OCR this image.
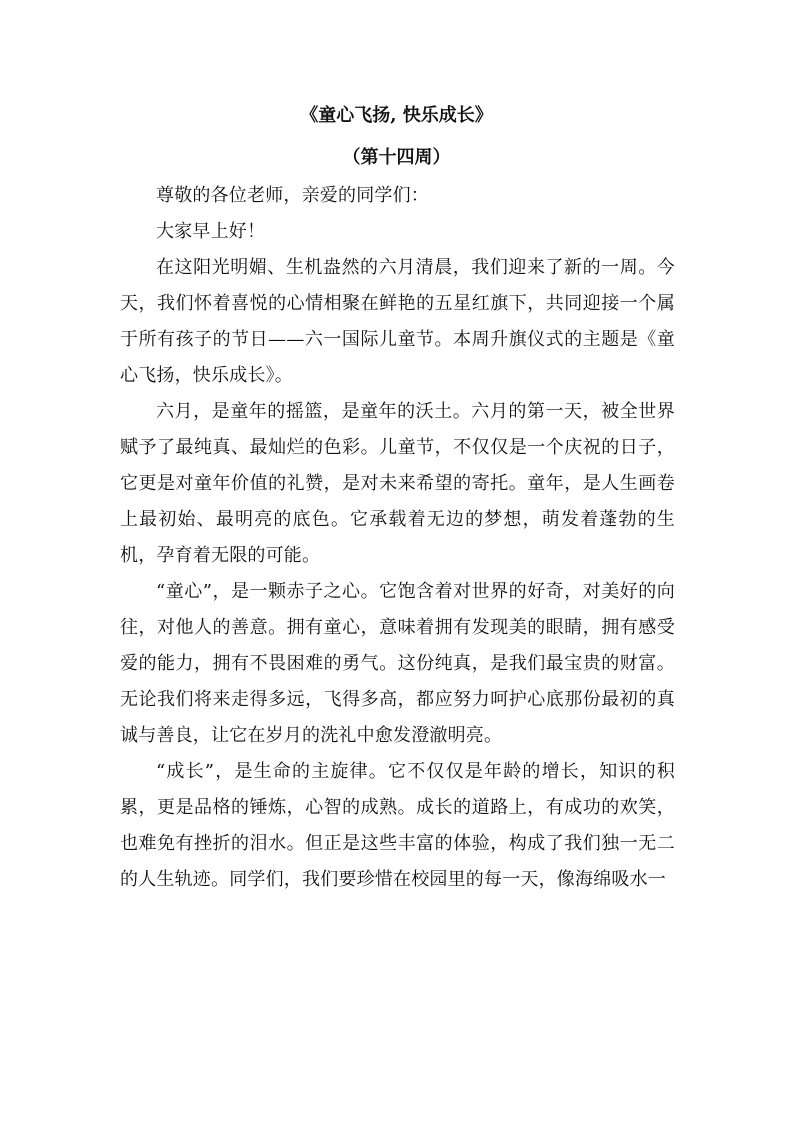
《童心飞扬, 快乐成长》
（第十四周）

尊敬的各位老师，亲爱的同学们：

大家早上好！

在这阳光明媚、生机盎然的六月清晨，我们迎来了新的一周。今天，我们怀着喜悦的心情相聚在鲜艳的五星红旗下，共同迎接一个属于所有孩子的节日——六一国际儿童节。本周升旗仪式的主题是《童心飞扬，快乐成长》。

六月，是童年的摇篮，是童年的沃土。六月的第一天，被全世界赋予了最纯真、最灿烂的色彩。儿童节，不仅仅是一个庆祝的日子，它更是对童年价值的礼赞，是对未来希望的寄托。童年，是人生画卷上最初始、最明亮的底色。它承载着无边的梦想，萌发着蓬勃的生机，孕育着无限的可能。

“童心”，是一颗赤子之心。它饱含着对世界的好奇，对美好的向往，对他人的善意。拥有童心，意味着拥有发现美的眼睛，拥有感受爱的能力，拥有不畏困难的勇气。这份纯真，是我们最宝贵的财富。无论我们将来走得多远，飞得多高，都应努力呵护心底那份最初的真诚与善良，让它在岁月的洗礼中愈发澄澈明亮。

“成长”，是生命的主旋律。它不仅仅是年龄的增长，知识的积累，更是品格的锤炼，心智的成熟。成长的道路上，有成功的欢笑，也难免有挫折的泪水。但正是这些丰富的体验，构成了我们独一无二的人生轨迹。同学们，我们要珍惜在校园里的每一天，像海绵吸水一
